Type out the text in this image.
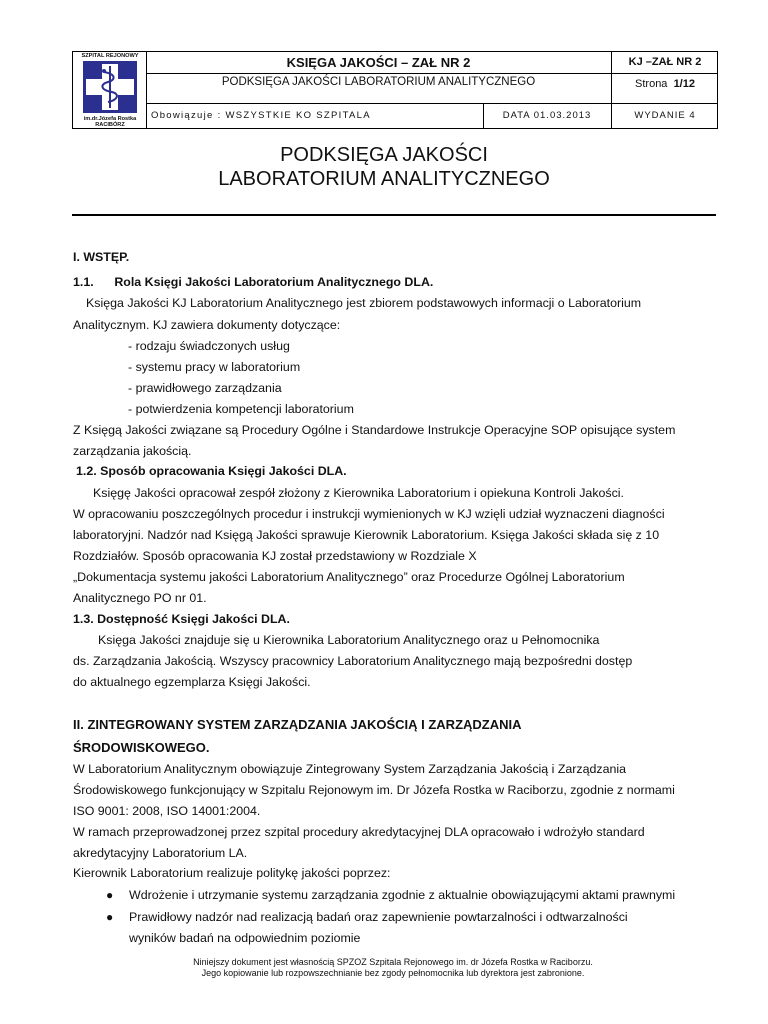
SZPITAL REJONOWY
im.dr.Józefa Rostka
RACIBÓRZ
KSIĘGA JAKOŚCI – ZAŁ NR 2
PODKSIĘGA JAKOŚCI LABORATORIUM ANALITYCZNEGO
KJ –ZAŁ NR 2
Strona 1/12
Obowiązuje : WSZYSTKIE KO SZPITALA	DATA 01.03.2013	WYDANIE 4
PODKSIĘGA JAKOŚCI
LABORATORIUM ANALITYCZNEGO
I. WSTĘP.
1.1.      Rola Księgi Jakości Laboratorium Analitycznego DLA.
Księga Jakości KJ Laboratorium Analitycznego jest zbiorem podstawowych informacji o Laboratorium
Analitycznym. KJ zawiera dokumenty dotyczące:
- rodzaju świadczonych usług
- systemu pracy w laboratorium
- prawidłowego zarządzania
- potwierdzenia kompetencji laboratorium
Z Księgą Jakości związane są Procedury Ogólne i Standardowe Instrukcje Operacyjne SOP opisujące system
zarządzania jakością.
1.2. Sposób opracowania Księgi Jakości DLA.
Księgę Jakości opracował zespół złożony z Kierownika Laboratorium i opiekuna Kontroli Jakości.
W opracowaniu poszczególnych procedur i instrukcji wymienionych w KJ wzięli udział wyznaczeni diagności
laboratoryjni. Nadzór nad Księgą Jakości sprawuje Kierownik Laboratorium. Księga Jakości składa się z 10
Rozdziałów. Sposób opracowania KJ został przedstawiony w Rozdziale X
„Dokumentacja systemu jakości Laboratorium Analitycznego” oraz Procedurze Ogólnej Laboratorium
Analitycznego PO nr 01.
1.3. Dostępność Księgi Jakości DLA.
Księga Jakości znajduje się u Kierownika Laboratorium Analitycznego oraz u Pełnomocnika
ds. Zarządzania Jakością. Wszyscy pracownicy Laboratorium Analitycznego mają bezpośredni dostęp
do aktualnego egzemplarza Księgi Jakości.
II. ZINTEGROWANY SYSTEM ZARZĄDZANIA JAKOŚCIĄ I ZARZĄDZANIA
ŚRODOWISKOWEGO.
W Laboratorium Analitycznym obowiązuje Zintegrowany System Zarządzania Jakością i Zarządzania
Środowiskowego funkcjonujący w Szpitalu Rejonowym im. Dr Józefa Rostka w Raciborzu, zgodnie z normami
ISO 9001: 2008, ISO 14001:2004.
W ramach przeprowadzonej przez szpital procedury akredytacyjnej DLA opracowało i wdrożyło standard
akredytacyjny Laboratorium LA.
Kierownik Laboratorium realizuje politykę jakości poprzez:
● Wdrożenie i utrzymanie systemu zarządzania zgodnie z aktualnie obowiązującymi aktami prawnymi
● Prawidłowy nadzór nad realizacją badań oraz zapewnienie powtarzalności i odtwarzalności
wyników badań na odpowiednim poziomie
Niniejszy dokument jest własnością SPZOZ Szpitala Rejonowego im. dr Józefa Rostka w Raciborzu.
Jego kopiowanie lub rozpowszechnianie bez zgody pełnomocnika lub dyrektora jest zabronione.
